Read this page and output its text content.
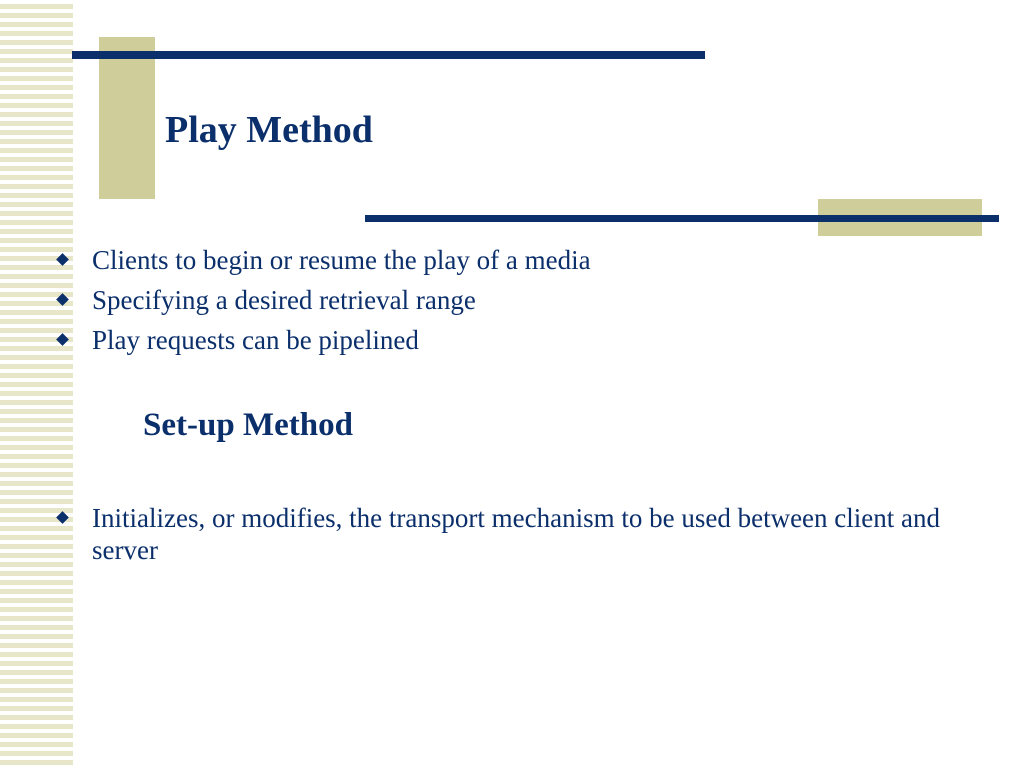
Play Method
Clients to begin or resume the play of a media
Specifying a desired retrieval range
Play requests can be pipelined
Set-up Method
Initializes, or modifies, the transport mechanism to be used between client and server
